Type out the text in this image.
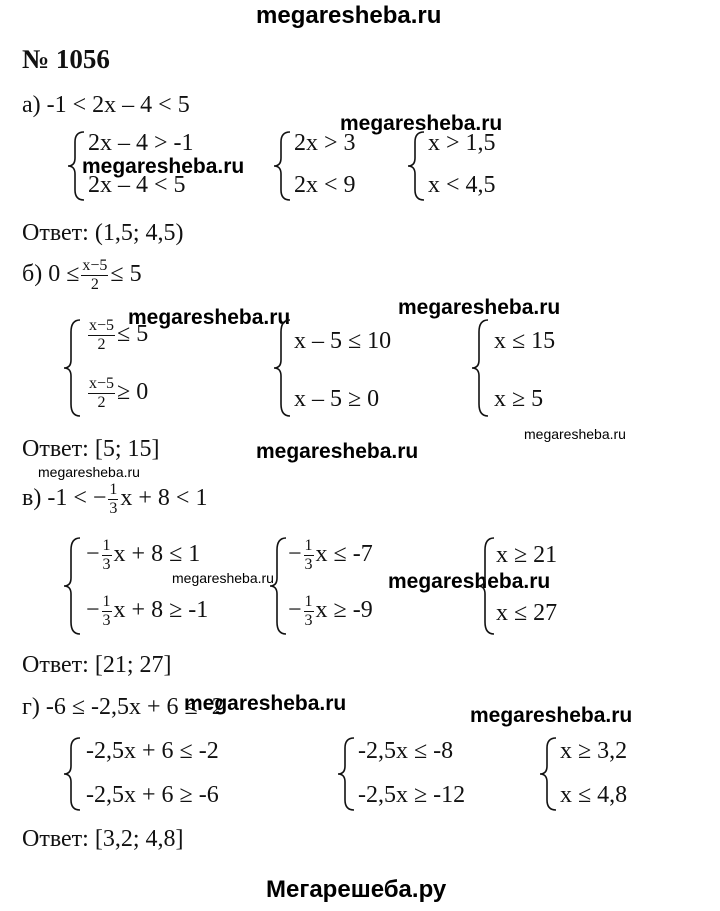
megaresheba.ru
№ 1056
а) -1 < 2x – 4 < 5
megaresheba.ru
2x – 4 > -1
2x – 4 < 5
megaresheba.ru
2x > 3
2x < 9
x > 1,5
x < 4,5
Ответ: (1,5; 4,5)
б) $0 \le \frac{x-5}{2} \le 5$
megaresheba.ru
$\frac{x-5}{2} \le 5$
$\frac{x-5}{2} \ge 0$
megaresheba.ru
x – 5 ≤ 10
x – 5 ≥ 0
x ≤ 15
x ≥ 5
Ответ: [5; 15]	megaresheba.ru
megaresheba.ru
megaresheba.ru
в) -1 < − $\frac{1}{3}$ x + 8 < 1
− $\frac{1}{3}$ x + 8 ≤ 1
− $\frac{1}{3}$ x + 8 ≥ -1
megaresheba.ru
− $\frac{1}{3}$ x ≤ -7
− $\frac{1}{3}$ x ≥ -9
megaresheba.ru
x ≥ 21
x ≤ 27
Ответ: [21; 27]
г) -6 ≤ -2,5x + 6 ≤ -2
megaresheba.ru
megaresheba.ru
-2,5x + 6 ≤ -2
-2,5x + 6 ≥ -6
-2,5x ≤ -8
-2,5x ≥ -12
x ≥ 3,2
x ≤ 4,8
Ответ: [3,2; 4,8]
Мегарешеба.ру
